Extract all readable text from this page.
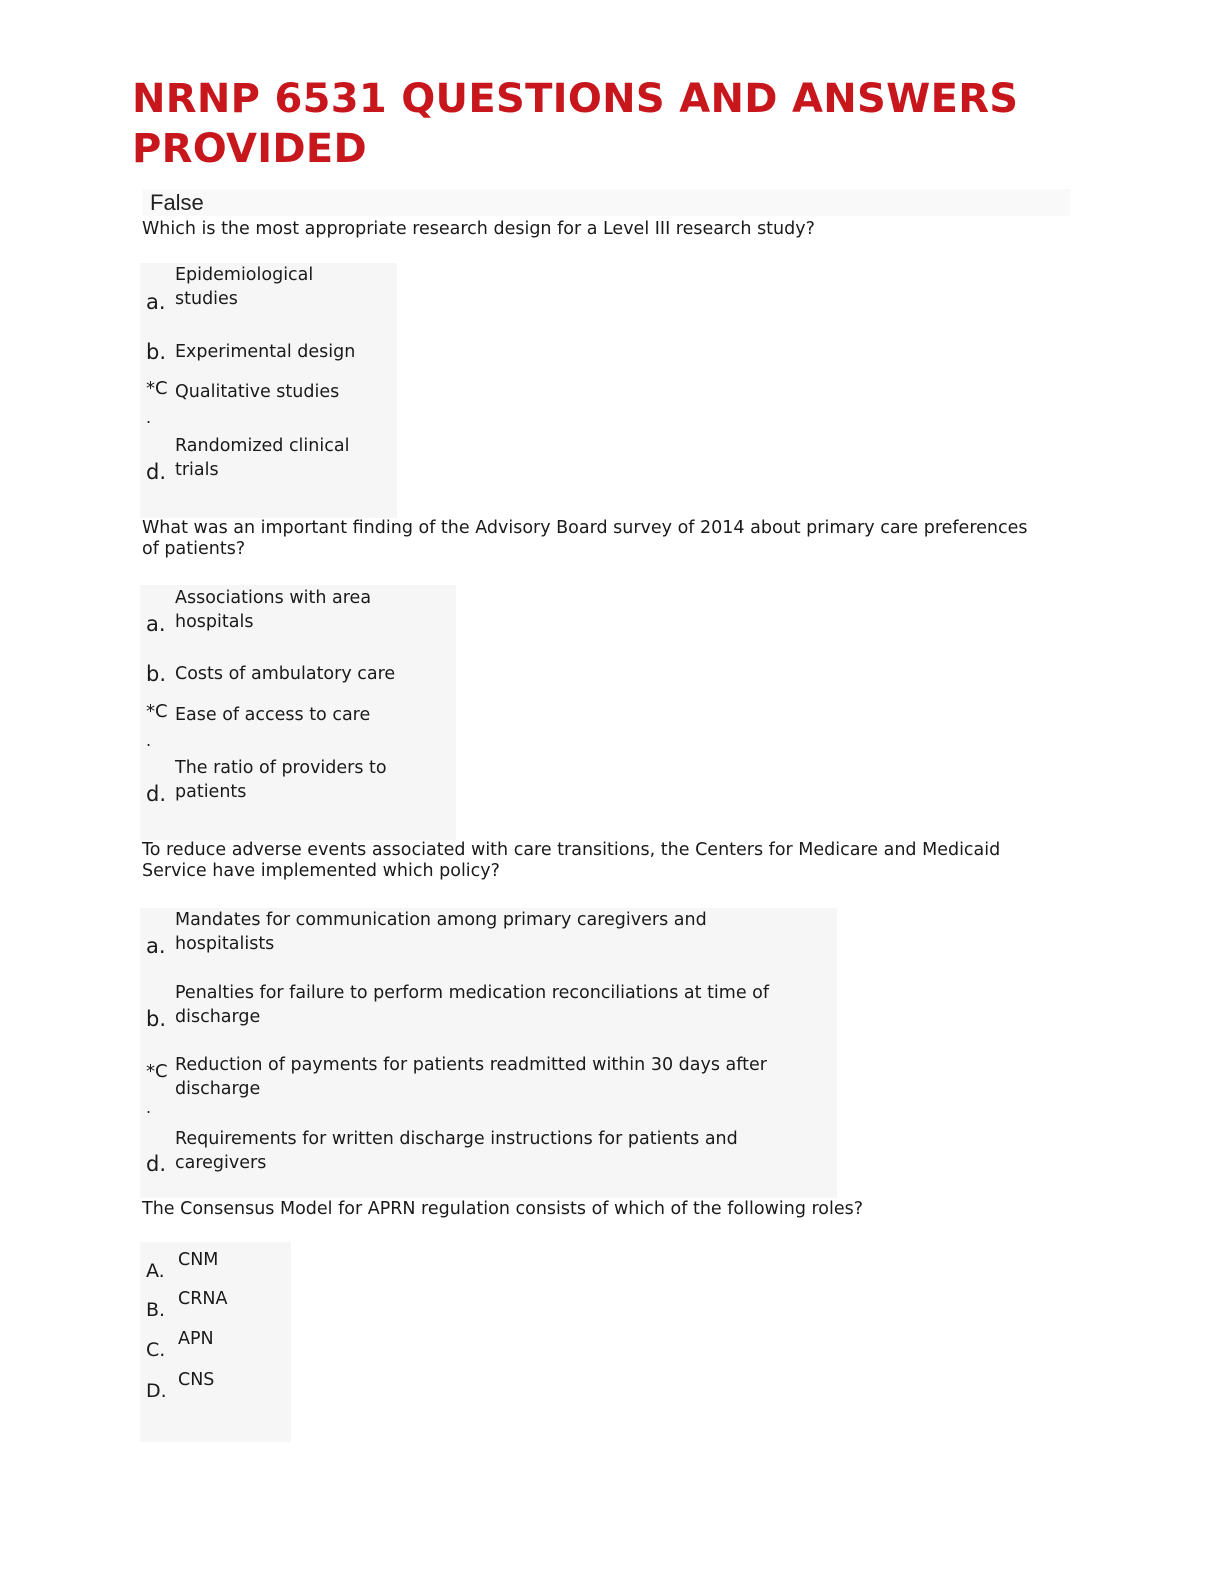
NRNP 6531 QUESTIONS AND ANSWERS PROVIDED
False
Which is the most appropriate research design for a Level III research study?
a.
Epidemiological studies
b. Experimental design
*C
.
Qualitative studies
d.
Randomized clinical trials
What was an important finding of the Advisory Board survey of 2014 about primary care preferences of patients?
a.
Associations with area hospitals
b. Costs of ambulatory care
*C
.
Ease of access to care
d.
The ratio of providers to patients
To reduce adverse events associated with care transitions, the Centers for Medicare and Medicaid Service have implemented which policy?
a.
Mandates for communication among primary caregivers and hospitalists
b.
Penalties for failure to perform medication reconciliations at time of discharge
*C
.
Reduction of payments for patients readmitted within 30 days after discharge
d.
Requirements for written discharge instructions for patients and caregivers
The Consensus Model for APRN regulation consists of which of the following roles?
A. CNM
B. CRNA
C. APN
D. CNS
